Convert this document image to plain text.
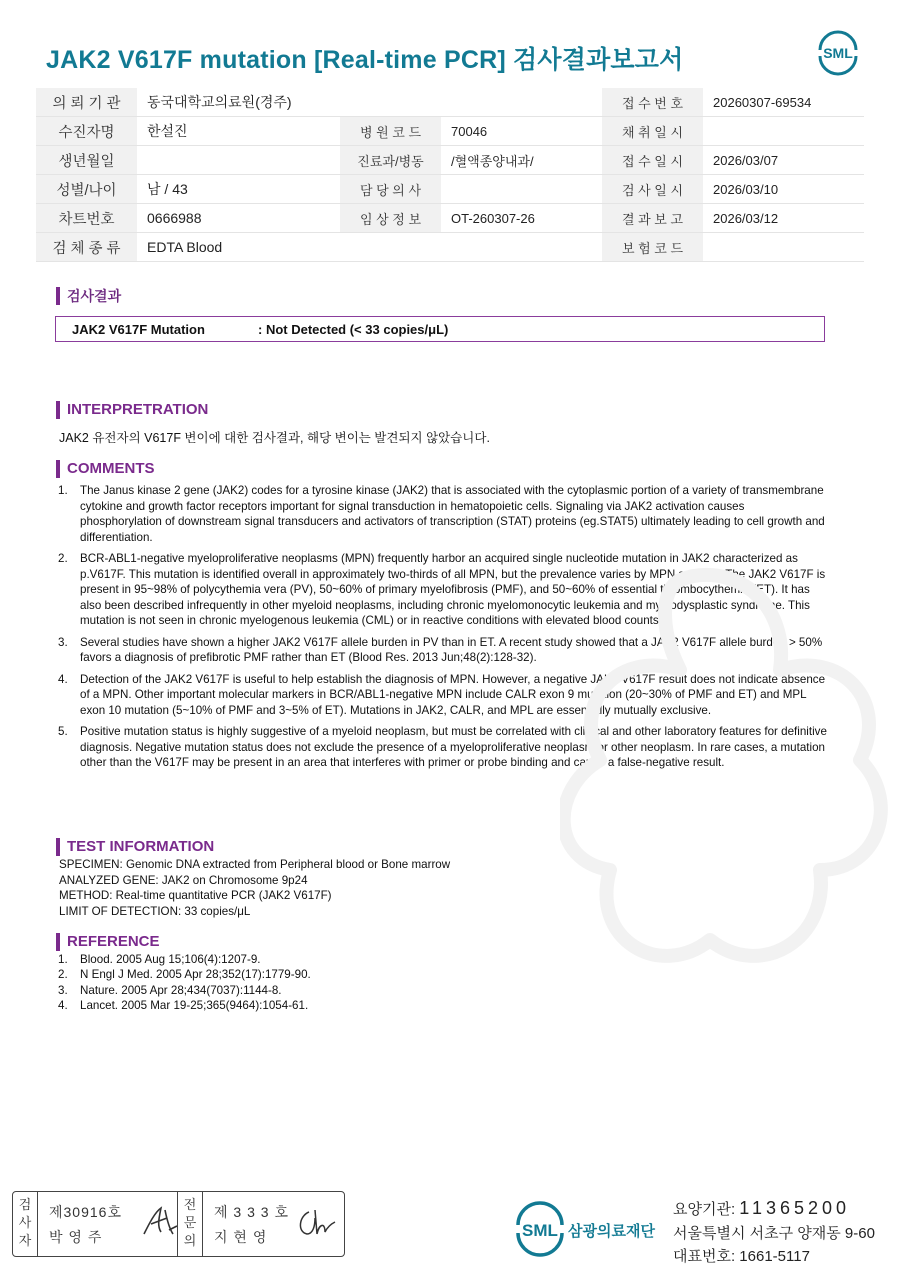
JAK2 V617F mutation [Real-time PCR] 검사결과보고서	SML
의 뢰 기 관	동국대학교의료원(경주)			접 수 번 호	20260307-69534
수진자명	한설진	병 원 코 드	70046	채 취 일 시	
생년월일		진료과/병동	/혈액종양내과/	접 수 일 시	2026/03/07
성별/나이	남 / 43	담 당 의 사		검 사 일 시	2026/03/10
차트번호	0666988	임 상 정 보	OT-260307-26	결 과 보 고	2026/03/12
검 체 종 류	EDTA Blood			보 험 코 드	
검사결과
JAK2 V617F Mutation	: Not Detected (< 33 copies/μL)
INTERPRETRATION
JAK2 유전자의 V617F 변이에 대한 검사결과, 해당 변이는 발견되지 않았습니다.
COMMENTS
1. The Janus kinase 2 gene (JAK2) codes for a tyrosine kinase (JAK2) that is associated with the cytoplasmic portion of a variety of transmembrane cytokine and growth factor receptors important for signal transduction in hematopoietic cells. Signaling via JAK2 activation causes phosphorylation of downstream signal transducers and activators of transcription (STAT) proteins (eg.STAT5) ultimately leading to cell growth and differentiation.
2. BCR-ABL1-negative myeloproliferative neoplasms (MPN) frequently harbor an acquired single nucleotide mutation in JAK2 characterized as p.V617F. This mutation is identified overall in approximately two-thirds of all MPN, but the prevalence varies by MPN subtype. The JAK2 V617F is present in 95~98% of polycythemia vera (PV), 50~60% of primary myelofibrosis (PMF), and 50~60% of essential thrombocythemia (ET). It has also been described infrequently in other myeloid neoplasms, including chronic myelomonocytic leukemia and myelodysplastic syndrome. This mutation is not seen in chronic myelogenous leukemia (CML) or in reactive conditions with elevated blood counts.
3. Several studies have shown a higher JAK2 V617F allele burden in PV than in ET. A recent study showed that a JAK2 V617F allele burden > 50% favors a diagnosis of prefibrotic PMF rather than ET (Blood Res. 2013 Jun;48(2):128-32).
4. Detection of the JAK2 V617F is useful to help establish the diagnosis of MPN. However, a negative JAK2 V617F result does not indicate absence of a MPN. Other important molecular markers in BCR/ABL1-negative MPN include CALR exon 9 mutation (20~30% of PMF and ET) and MPL exon 10 mutation (5~10% of PMF and 3~5% of ET). Mutations in JAK2, CALR, and MPL are essentially mutually exclusive.
5. Positive mutation status is highly suggestive of a myeloid neoplasm, but must be correlated with clinical and other laboratory features for definitive diagnosis. Negative mutation status does not exclude the presence of a myeloproliferative neoplasm or other neoplasm. In rare cases, a mutation other than the V617F may be present in an area that interferes with primer or probe binding and cause a false-negative result.
TEST INFORMATION
SPECIMEN: Genomic DNA extracted from Peripheral blood or Bone marrow
ANALYZED GENE: JAK2 on Chromosome 9p24
METHOD: Real-time quantitative PCR (JAK2 V617F)
LIMIT OF DETECTION: 33 copies/μL
REFERENCE
1. Blood. 2005 Aug 15;106(4):1207-9.
2. N Engl J Med. 2005 Apr 28;352(17):1779-90.
3. Nature. 2005 Apr 28;434(7037):1144-8.
4. Lancet. 2005 Mar 19-25;365(9464):1054-61.
검사자
제30916호
박 영 주
전문의
제 3 3 3 호
지 현 영	SML 삼광의료재단
요양기관: 11365200
서울특별시 서초구 양재동 9-60
대표번호: 1661-5117
